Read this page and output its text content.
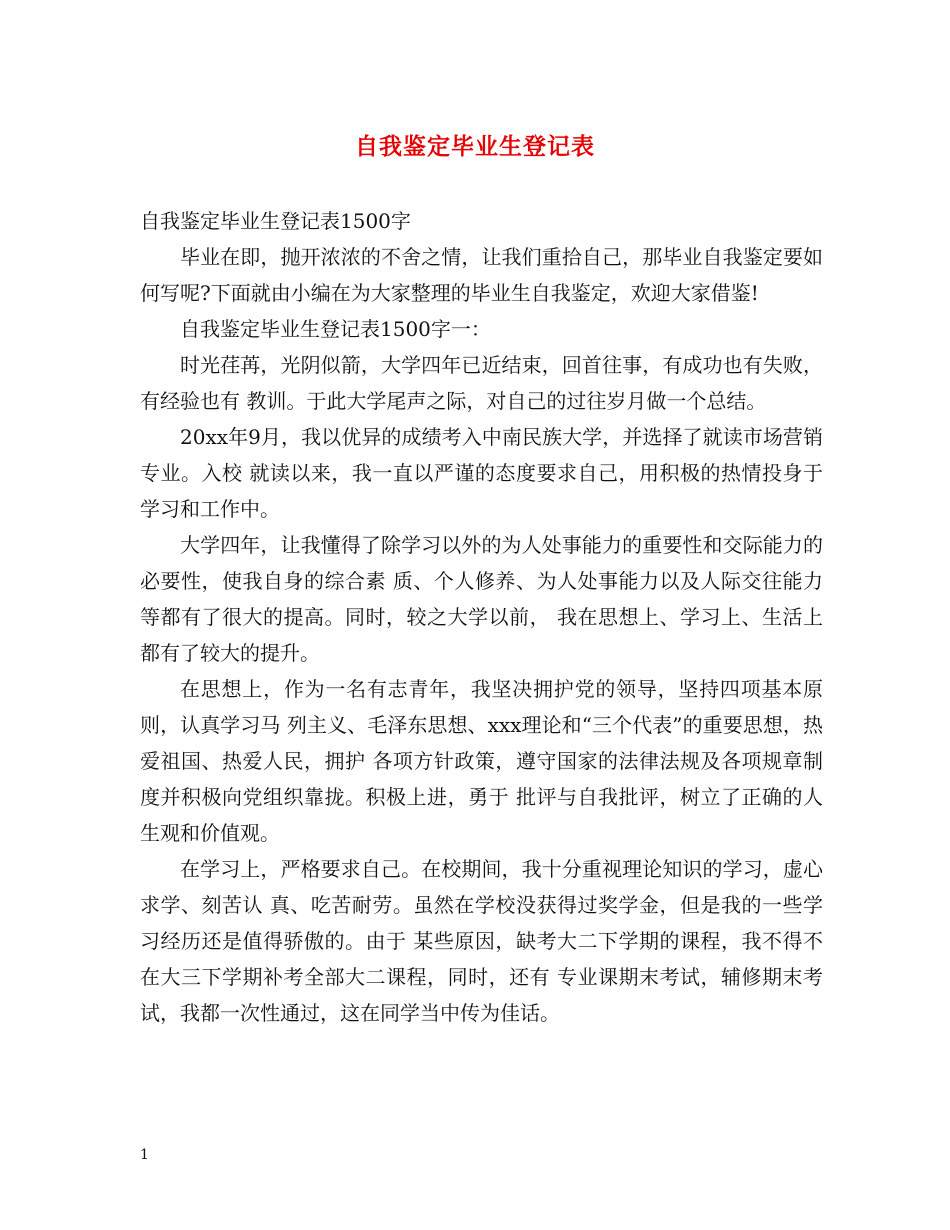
自我鉴定毕业生登记表

自我鉴定毕业生登记表1500字

毕业在即，抛开浓浓的不舍之情，让我们重拾自己，那毕业自我鉴定要如何写呢?下面就由小编在为大家整理的毕业生自我鉴定，欢迎大家借鉴!

自我鉴定毕业生登记表1500字一：

时光荏苒，光阴似箭，大学四年已近结束，回首往事，有成功也有失败，有经验也有 教训。于此大学尾声之际，对自己的过往岁月做一个总结。

20xx年9月，我以优异的成绩考入中南民族大学，并选择了就读市场营销专业。入校 就读以来，我一直以严谨的态度要求自己，用积极的热情投身于学习和工作中。

大学四年，让我懂得了除学习以外的为人处事能力的重要性和交际能力的必要性，使我自身的综合素 质、个人修养、为人处事能力以及人际交往能力等都有了很大的提高。同时，较之大学以前， 我在思想上、学习上、生活上都有了较大的提升。

在思想上，作为一名有志青年，我坚决拥护党的领导，坚持四项基本原则，认真学习马 列主义、毛泽东思想、xxx理论和“三个代表”的重要思想，热爱祖国、热爱人民，拥护 各项方针政策，遵守国家的法律法规及各项规章制度并积极向党组织靠拢。积极上进，勇于 批评与自我批评，树立了正确的人生观和价值观。

在学习上，严格要求自己。在校期间，我十分重视理论知识的学习，虚心求学、刻苦认 真、吃苦耐劳。虽然在学校没获得过奖学金，但是我的一些学习经历还是值得骄傲的。由于 某些原因，缺考大二下学期的课程，我不得不在大三下学期补考全部大二课程，同时，还有 专业课期末考试，辅修期末考试，我都一次性通过，这在同学当中传为佳话。

1
